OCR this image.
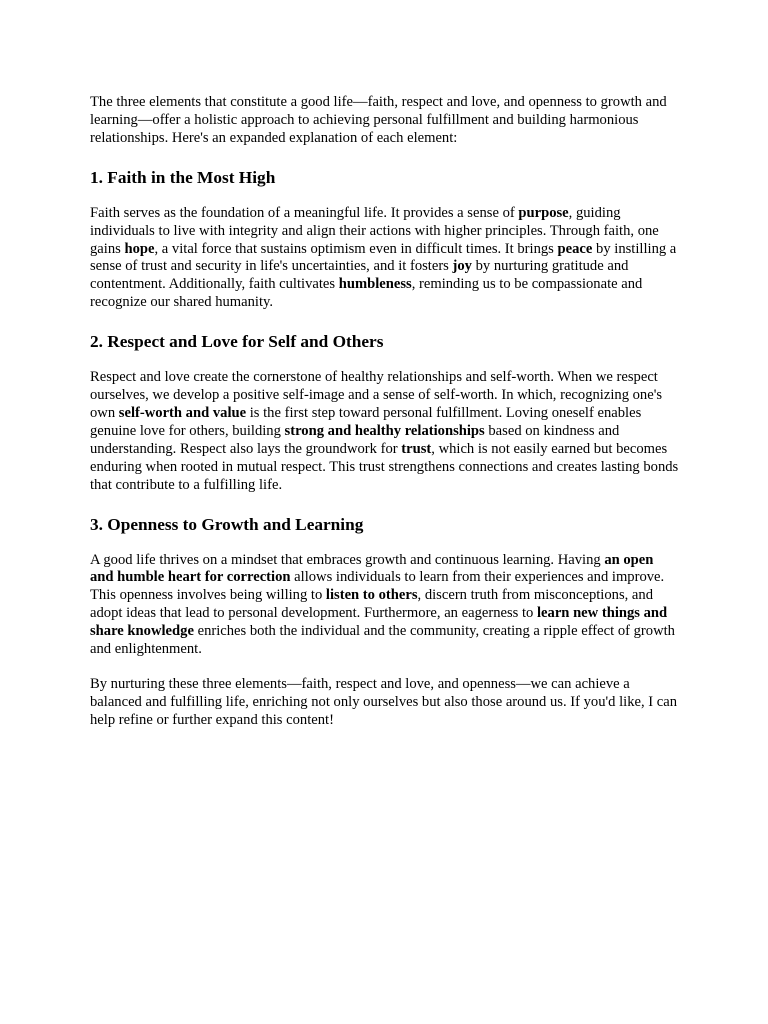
The three elements that constitute a good life—faith, respect and love, and openness to growth and learning—offer a holistic approach to achieving personal fulfillment and building harmonious relationships. Here's an expanded explanation of each element:

1. Faith in the Most High

Faith serves as the foundation of a meaningful life. It provides a sense of purpose, guiding individuals to live with integrity and align their actions with higher principles. Through faith, one gains hope, a vital force that sustains optimism even in difficult times. It brings peace by instilling a sense of trust and security in life's uncertainties, and it fosters joy by nurturing gratitude and contentment. Additionally, faith cultivates humbleness, reminding us to be compassionate and recognize our shared humanity.

2. Respect and Love for Self and Others

Respect and love create the cornerstone of healthy relationships and self-worth. When we respect ourselves, we develop a positive self-image and a sense of self-worth. In which, recognizing one's own self-worth and value is the first step toward personal fulfillment. Loving oneself enables genuine love for others, building strong and healthy relationships based on kindness and understanding. Respect also lays the groundwork for trust, which is not easily earned but becomes enduring when rooted in mutual respect. This trust strengthens connections and creates lasting bonds that contribute to a fulfilling life.

3. Openness to Growth and Learning

A good life thrives on a mindset that embraces growth and continuous learning. Having an open and humble heart for correction allows individuals to learn from their experiences and improve. This openness involves being willing to listen to others, discern truth from misconceptions, and adopt ideas that lead to personal development. Furthermore, an eagerness to learn new things and share knowledge enriches both the individual and the community, creating a ripple effect of growth and enlightenment.

By nurturing these three elements—faith, respect and love, and openness—we can achieve a balanced and fulfilling life, enriching not only ourselves but also those around us. If you'd like, I can help refine or further expand this content!
